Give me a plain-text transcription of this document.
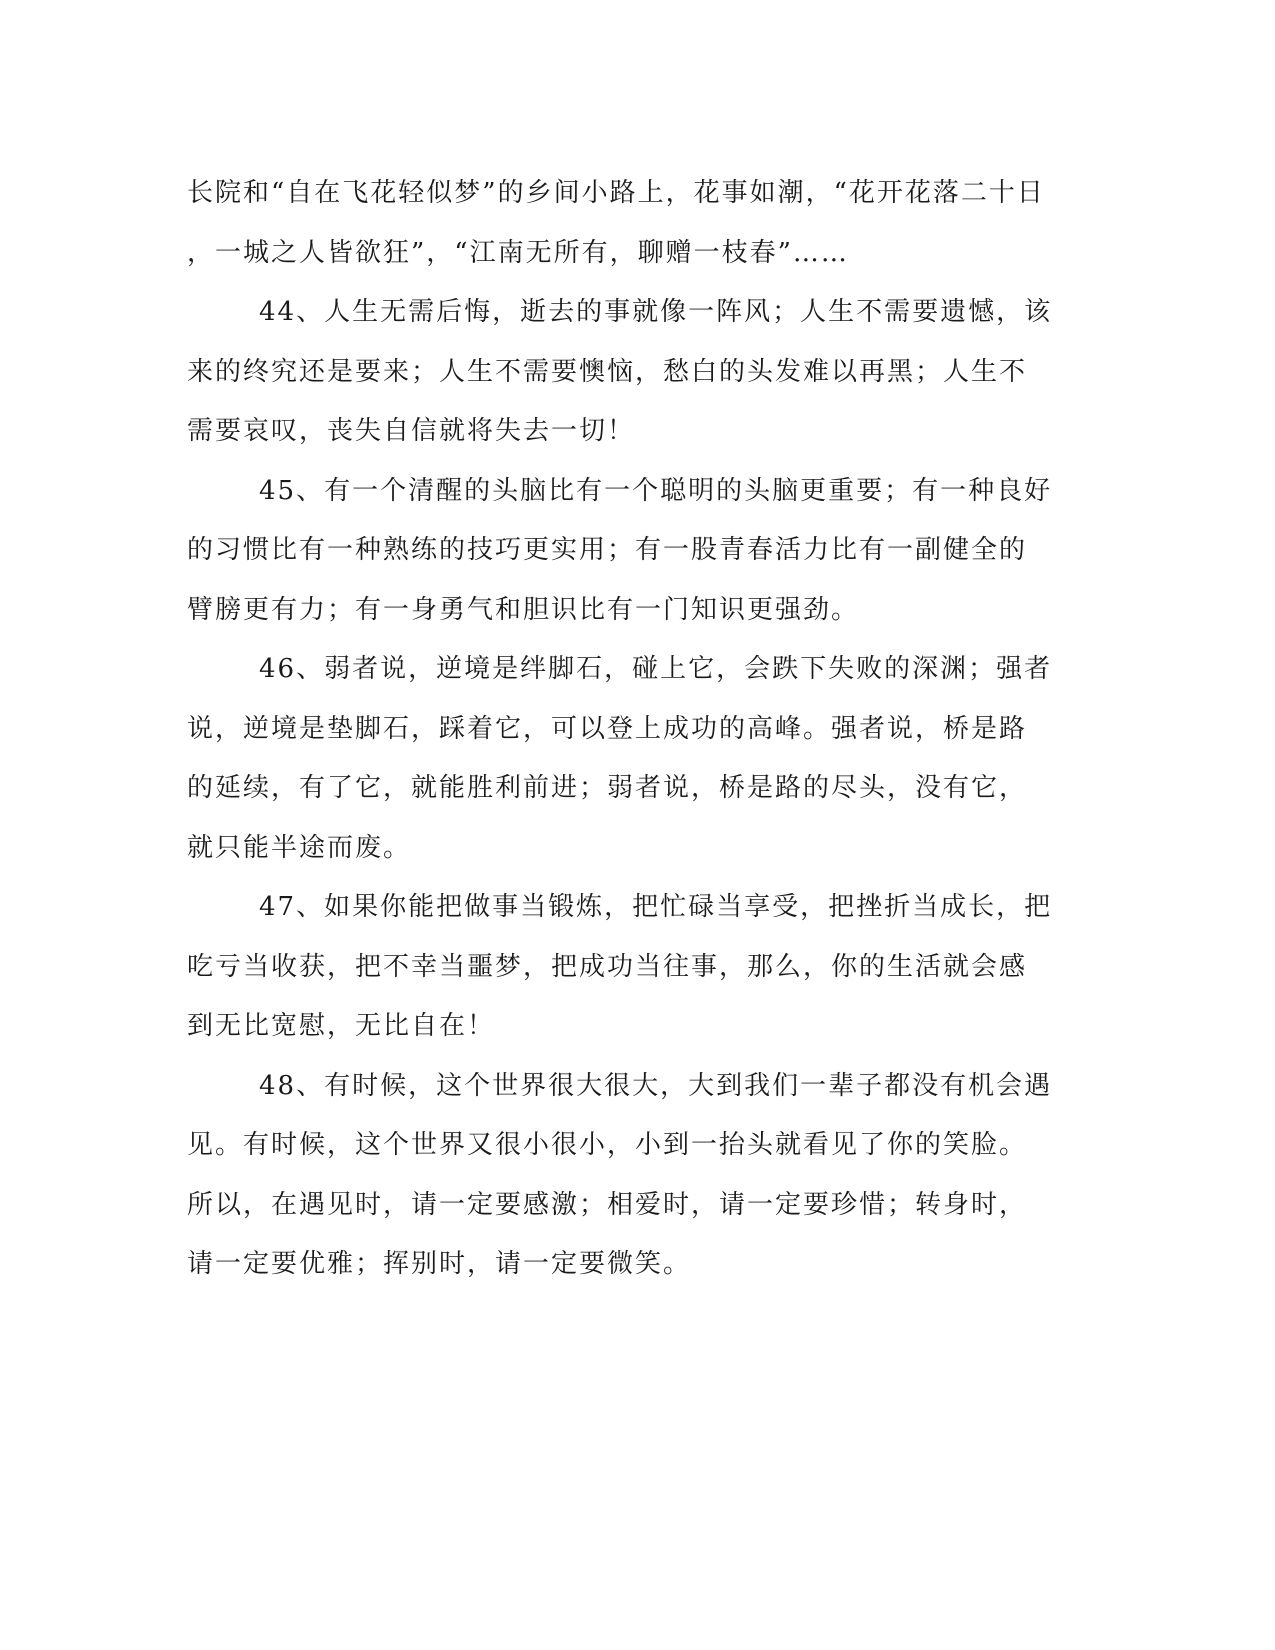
长院和“自在飞花轻似梦”的乡间小路上，花事如潮，“花开花落二十日
，一城之人皆欲狂”，“江南无所有，聊赠一枝春”……
44、人生无需后悔，逝去的事就像一阵风；人生不需要遗憾，该
来的终究还是要来；人生不需要懊恼，愁白的头发难以再黑；人生不
需要哀叹，丧失自信就将失去一切！
45、有一个清醒的头脑比有一个聪明的头脑更重要；有一种良好
的习惯比有一种熟练的技巧更实用；有一股青春活力比有一副健全的
臂膀更有力；有一身勇气和胆识比有一门知识更强劲。
46、弱者说，逆境是绊脚石，碰上它，会跌下失败的深渊；强者
说，逆境是垫脚石，踩着它，可以登上成功的高峰。强者说，桥是路
的延续，有了它，就能胜利前进；弱者说，桥是路的尽头，没有它，
就只能半途而废。
47、如果你能把做事当锻炼，把忙碌当享受，把挫折当成长，把
吃亏当收获，把不幸当噩梦，把成功当往事，那么，你的生活就会感
到无比宽慰，无比自在！
48、有时候，这个世界很大很大，大到我们一辈子都没有机会遇
见。有时候，这个世界又很小很小，小到一抬头就看见了你的笑脸。
所以，在遇见时，请一定要感激；相爱时，请一定要珍惜；转身时，
请一定要优雅；挥别时，请一定要微笑。
